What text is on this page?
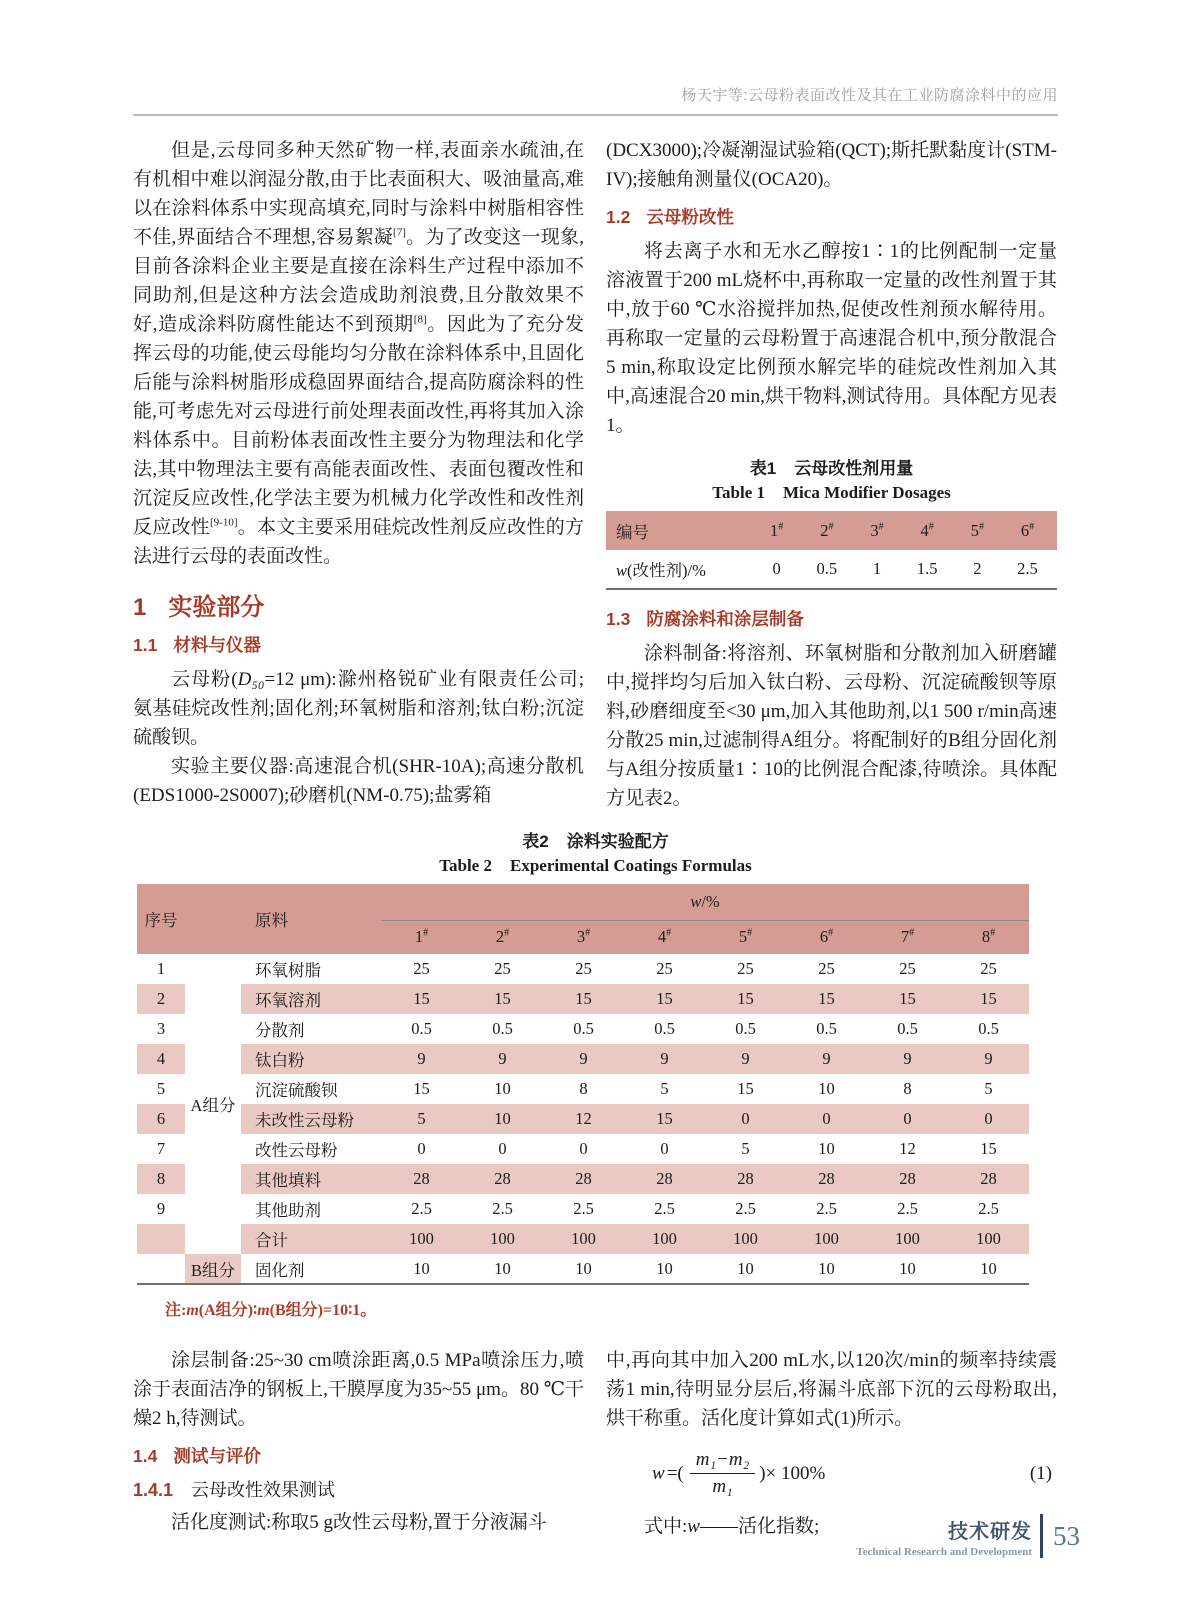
杨天宇等:云母粉表面改性及其在工业防腐涂料中的应用

但是,云母同多种天然矿物一样,表面亲水疏油,在有机相中难以润湿分散,由于比表面积大、吸油量高,难以在涂料体系中实现高填充,同时与涂料中树脂相容性不佳,界面结合不理想,容易絮凝[7]。为了改变这一现象,目前各涂料企业主要是直接在涂料生产过程中添加不同助剂,但是这种方法会造成助剂浪费,且分散效果不好,造成涂料防腐性能达不到预期[8]。因此为了充分发挥云母的功能,使云母能均匀分散在涂料体系中,且固化后能与涂料树脂形成稳固界面结合,提高防腐涂料的性能,可考虑先对云母进行前处理表面改性,再将其加入涂料体系中。目前粉体表面改性主要分为物理法和化学法,其中物理法主要有高能表面改性、表面包覆改性和沉淀反应改性,化学法主要为机械力化学改性和改性剂反应改性[9-10]。本文主要采用硅烷改性剂反应改性的方法进行云母的表面改性。

1 实验部分
1.1 材料与仪器

云母粉(D₅₀=12 μm):滁州格锐矿业有限责任公司;氨基硅烷改性剂;固化剂;环氧树脂和溶剂;钛白粉;沉淀硫酸钡。

实验主要仪器:高速混合机(SHR-10A);高速分散机(EDS1000-2S0007);砂磨机(NM-0.75);盐雾箱

(DCX3000);冷凝潮湿试验箱(QCT);斯托默黏度计(STM-IV);接触角测量仪(OCA20)。

1.2 云母粉改性

将去离子水和无水乙醇按1∶1的比例配制一定量溶液置于200 mL烧杯中,再称取一定量的改性剂置于其中,放于60 ℃水浴搅拌加热,促使改性剂预水解待用。再称取一定量的云母粉置于高速混合机中,预分散混合5 min,称取设定比例预水解完毕的硅烷改性剂加入其中,高速混合20 min,烘干物料,测试待用。具体配方见表1。

表1 云母改性剂用量
Table 1 Mica Modifier Dosages
编号	1#	2#	3#	4#	5#	6#
w(改性剂)/%	0	0.5	1	1.5	2	2.5
1.3 防腐涂料和涂层制备

涂料制备:将溶剂、环氧树脂和分散剂加入研磨罐中,搅拌均匀后加入钛白粉、云母粉、沉淀硫酸钡等原料,砂磨细度至<30 μm,加入其他助剂,以1 500 r/min高速分散25 min,过滤制得A组分。将配制好的B组分固化剂与A组分按质量1∶10的比例混合配漆,待喷涂。具体配方见表2。

表2 涂料实验配方
Table 2 Experimental Coatings Formulas
序号		原料	w/%							
			1#	2#	3#	4#	5#	6#	7#	8#
1	A组分	环氧树脂	25	25	25	25	25	25	25	25
2		环氧溶剂	15	15	15	15	15	15	15	15
3		分散剂	0.5	0.5	0.5	0.5	0.5	0.5	0.5	0.5
4		钛白粉	9	9	9	9	9	9	9	9
5		沉淀硫酸钡	15	10	8	5	15	10	8	5
6		未改性云母粉	5	10	12	15	0	0	0	0
7		改性云母粉	0	0	0	0	5	10	12	15
8		其他填料	28	28	28	28	28	28	28	28
9		其他助剂	2.5	2.5	2.5	2.5	2.5	2.5	2.5	2.5
		合计	100	100	100	100	100	100	100	100
	B组分	固化剂	10	10	10	10	10	10	10	10
注:m(A组分)∶m(B组分)=10∶1。

涂层制备:25~30 cm喷涂距离,0.5 MPa喷涂压力,喷涂于表面洁净的钢板上,干膜厚度为35~55 μm。80 ℃干燥2 h,待测试。

1.4 测试与评价
1.4.1 云母改性效果测试

活化度测试:称取5 g改性云母粉,置于分液漏斗

中,再向其中加入200 mL水,以120次/min的频率持续震荡1 min,待明显分层后,将漏斗底部下沉的云母粉取出,烘干称重。活化度计算如式(1)所示。

w =( $\frac{\text{m₁−m₂}}{\text{m₁}}$ )× 100%	(1)

式中:w——活化指数;	技术研发
Technical Research and Development
53
